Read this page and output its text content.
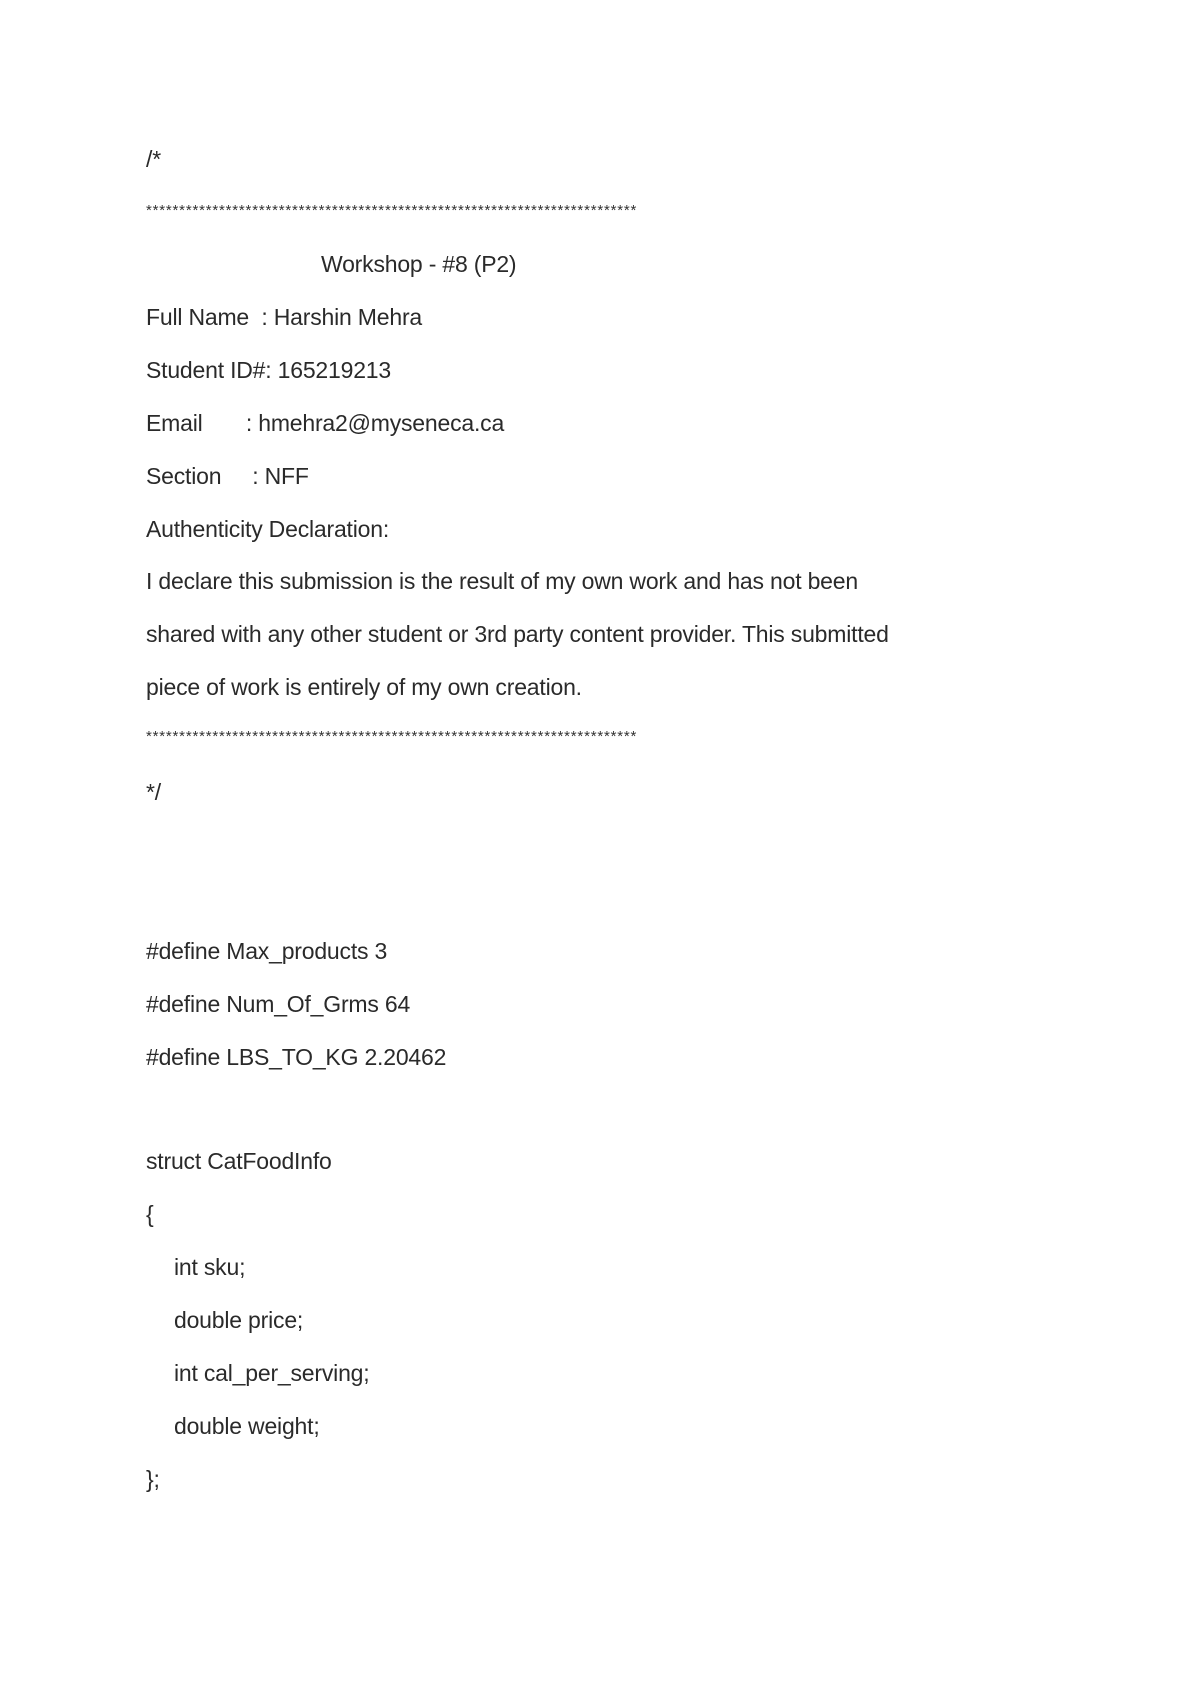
/*
**************************************************************************
Workshop - #8 (P2)
Full Name  : Harshin Mehra
Student ID#: 165219213
Email       : hmehra2@myseneca.ca
Section     : NFF
Authenticity Declaration:
I declare this submission is the result of my own work and has not been
shared with any other student or 3rd party content provider. This submitted
piece of work is entirely of my own creation.
**************************************************************************
*/
#define Max_products 3
#define Num_Of_Grms 64
#define LBS_TO_KG 2.20462
struct CatFoodInfo
{
int sku;
double price;
int cal_per_serving;
double weight;
};
